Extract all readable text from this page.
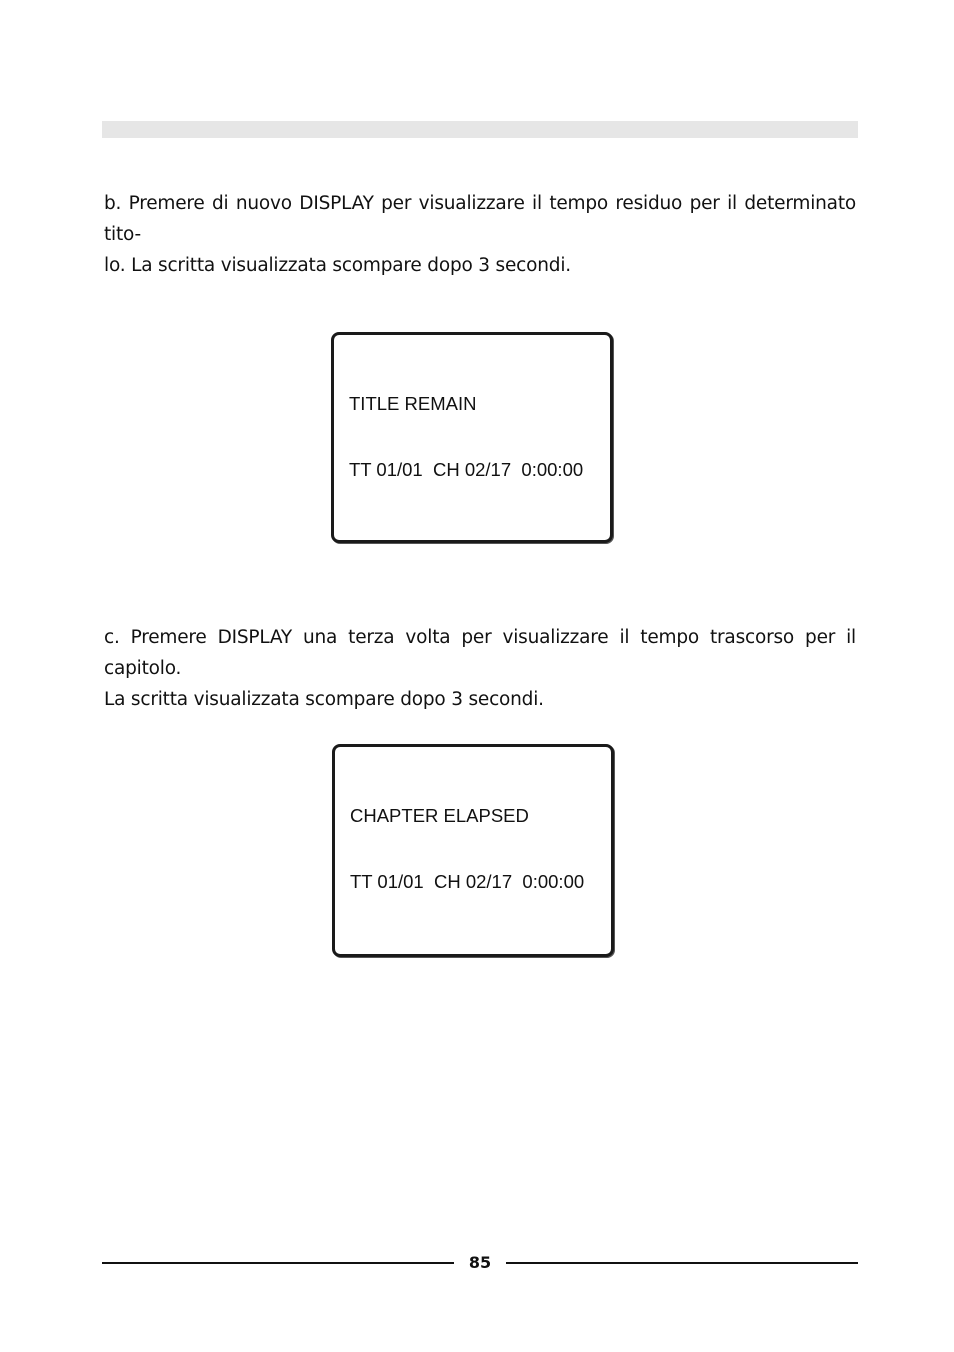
b. Premere di nuovo DISPLAY per visualizzare il tempo residuo per il determinato tito-
lo. La scritta visualizzata scompare dopo 3 secondi.

TITLE REMAIN

TT 01/01  CH 02/17  0:00:00

c. Premere DISPLAY una terza volta per visualizzare il tempo trascorso per il capitolo.
La scritta visualizzata scompare dopo 3 secondi.

CHAPTER ELAPSED

TT 01/01  CH 02/17  0:00:00

85
